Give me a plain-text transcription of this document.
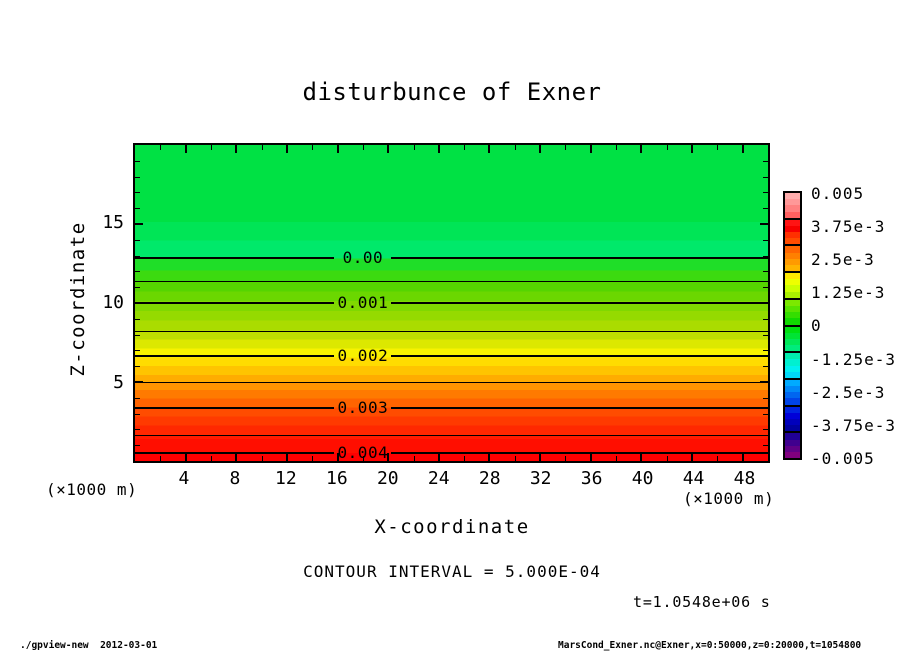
disturbunce of Exner
Z-coordinate	0.00
0.001
0.002
0.003
0.004
(×1000 m)	(×1000 m)
X-coordinate
CONTOUR INTERVAL = 5.000E-04
t=1.0548e+06 s
./gpview-new  2012-03-01	MarsCond_Exner.nc@Exner,x=0:50000,z=0:20000,t=1054800
4	8	12	16	20	24	28	32	36	40	44	48
5
10
15
0.005
3.75e-3
2.5e-3
1.25e-3
0
-1.25e-3
-2.5e-3
-3.75e-3
-0.005
